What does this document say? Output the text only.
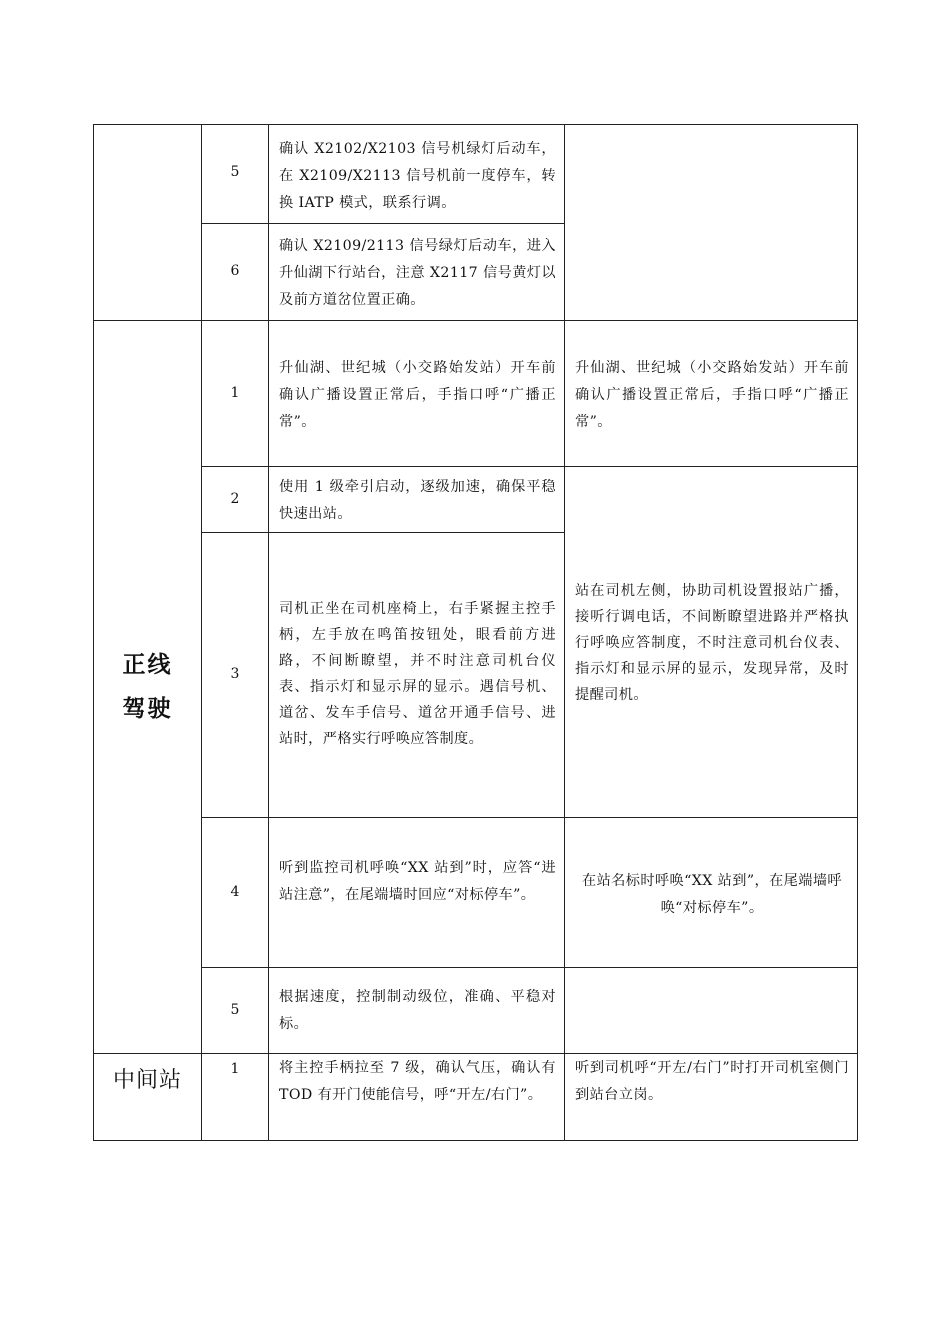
5
确认 X2102/X2103 信号机绿灯后动车，在 X2109/X2113 信号机前一度停车，转换 IATP 模式，联系行调。
6
确认 X2109/2113 信号绿灯后动车，进入升仙湖下行站台，注意 X2117 信号黄灯以及前方道岔位置正确。
正线
驾驶
1
升仙湖、世纪城（小交路始发站）开车前确认广播设置正常后，手指口呼“广播正常”。
升仙湖、世纪城（小交路始发站）开车前确认广播设置正常后，手指口呼“广播正常”。
2
使用 1 级牵引启动，逐级加速，确保平稳快速出站。
3
司机正坐在司机座椅上，右手紧握主控手柄，左手放在鸣笛按钮处，眼看前方进路，不间断瞭望，并不时注意司机台仪表、指示灯和显示屏的显示。遇信号机、道岔、发车手信号、道岔开通手信号、进站时，严格实行呼唤应答制度。
站在司机左侧，协助司机设置报站广播，接听行调电话，不间断瞭望进路并严格执行呼唤应答制度，不时注意司机台仪表、指示灯和显示屏的显示，发现异常，及时提醒司机。
4
听到监控司机呼唤“XX 站到”时，应答“进站注意”，在尾端墙时回应“对标停车”。
在站名标时呼唤“XX 站到”，在尾端墙呼唤“对标停车”。
5
根据速度，控制制动级位，准确、平稳对标。
中间站	1	将主控手柄拉至 7 级，确认气压，确认有 TOD 有开门使能信号，呼“开左/右门”。
听到司机呼“开左/右门”时打开司机室侧门到站台立岗。
